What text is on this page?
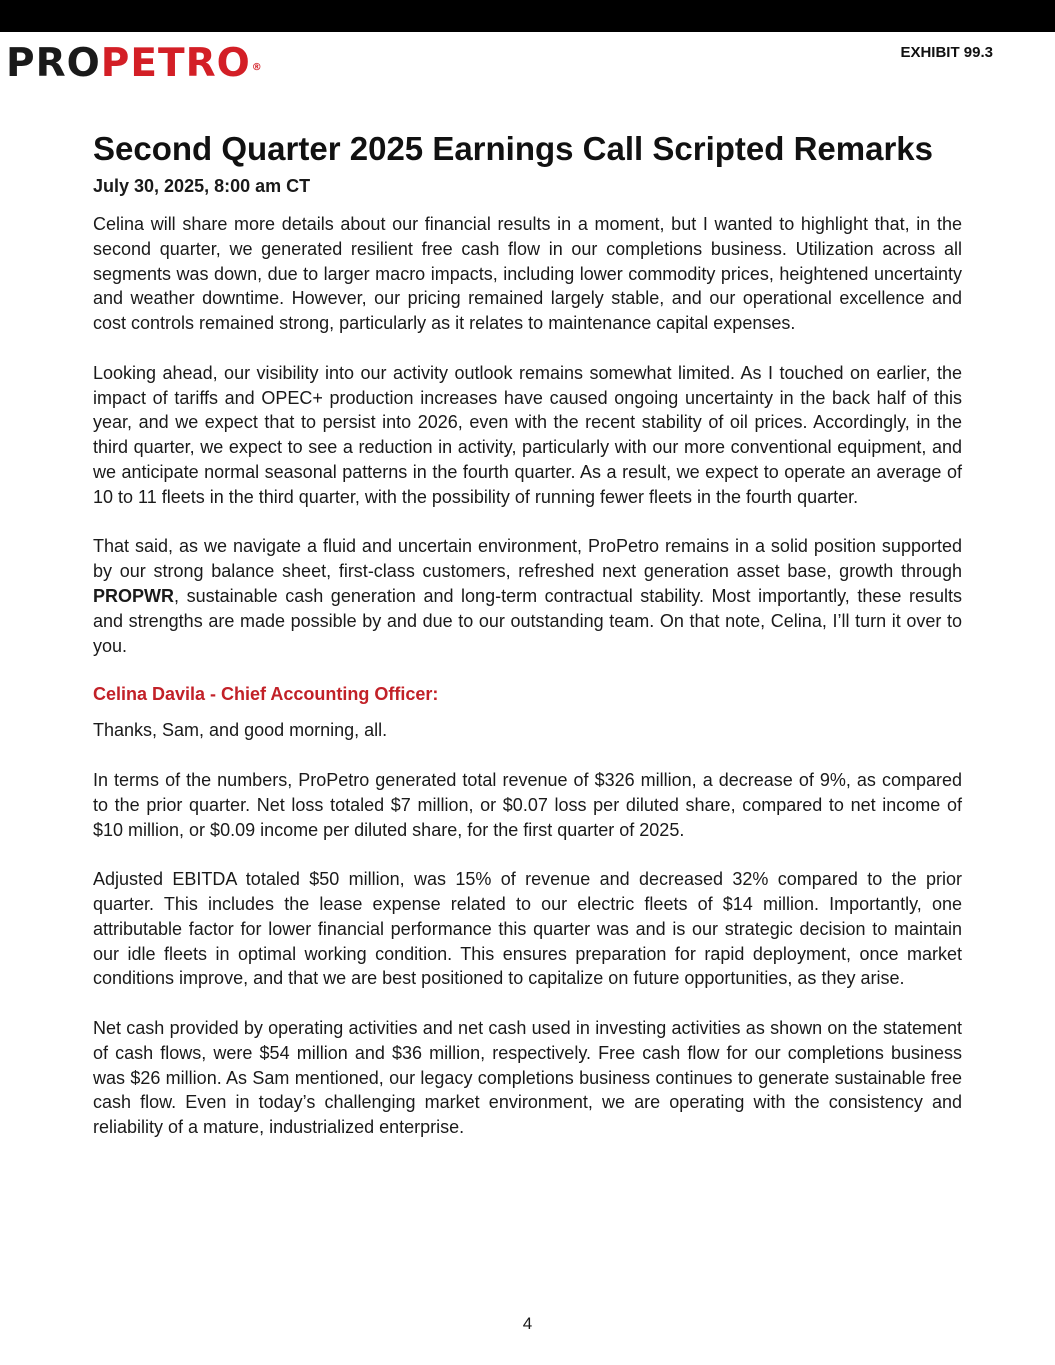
PROPETRO®
EXHIBIT 99.3
Second Quarter 2025 Earnings Call Scripted Remarks
July 30, 2025, 8:00 am CT

Celina will share more details about our financial results in a moment, but I wanted to highlight that, in the second quarter, we generated resilient free cash flow in our completions business. Utilization across all segments was down, due to larger macro impacts, including lower commodity prices, heightened uncertainty and weather downtime. However, our pricing remained largely stable, and our operational excellence and cost controls remained strong, particularly as it relates to maintenance capital expenses.

Looking ahead, our visibility into our activity outlook remains somewhat limited. As I touched on earlier, the impact of tariffs and OPEC+ production increases have caused ongoing uncertainty in the back half of this year, and we expect that to persist into 2026, even with the recent stability of oil prices. Accordingly, in the third quarter, we expect to see a reduction in activity, particularly with our more conventional equipment, and we anticipate normal seasonal patterns in the fourth quarter. As a result, we expect to operate an average of 10 to 11 fleets in the third quarter, with the possibility of running fewer fleets in the fourth quarter.

That said, as we navigate a fluid and uncertain environment, ProPetro remains in a solid position supported by our strong balance sheet, first-class customers, refreshed next generation asset base, growth through PROPWR, sustainable cash generation and long-term contractual stability. Most importantly, these results and strengths are made possible by and due to our outstanding team. On that note, Celina, I’ll turn it over to you.

Celina Davila - Chief Accounting Officer:

Thanks, Sam, and good morning, all.

In terms of the numbers, ProPetro generated total revenue of $326 million, a decrease of 9%, as compared to the prior quarter. Net loss totaled $7 million, or $0.07 loss per diluted share, compared to net income of $10 million, or $0.09 income per diluted share, for the first quarter of 2025.

Adjusted EBITDA totaled $50 million, was 15% of revenue and decreased 32% compared to the prior quarter. This includes the lease expense related to our electric fleets of $14 million. Importantly, one attributable factor for lower financial performance this quarter was and is our strategic decision to maintain our idle fleets in optimal working condition. This ensures preparation for rapid deployment, once market conditions improve, and that we are best positioned to capitalize on future opportunities, as they arise.

Net cash provided by operating activities and net cash used in investing activities as shown on the statement of cash flows, were $54 million and $36 million, respectively. Free cash flow for our completions business was $26 million. As Sam mentioned, our legacy completions business continues to generate sustainable free cash flow. Even in today’s challenging market environment, we are operating with the consistency and reliability of a mature, industrialized enterprise.

4
